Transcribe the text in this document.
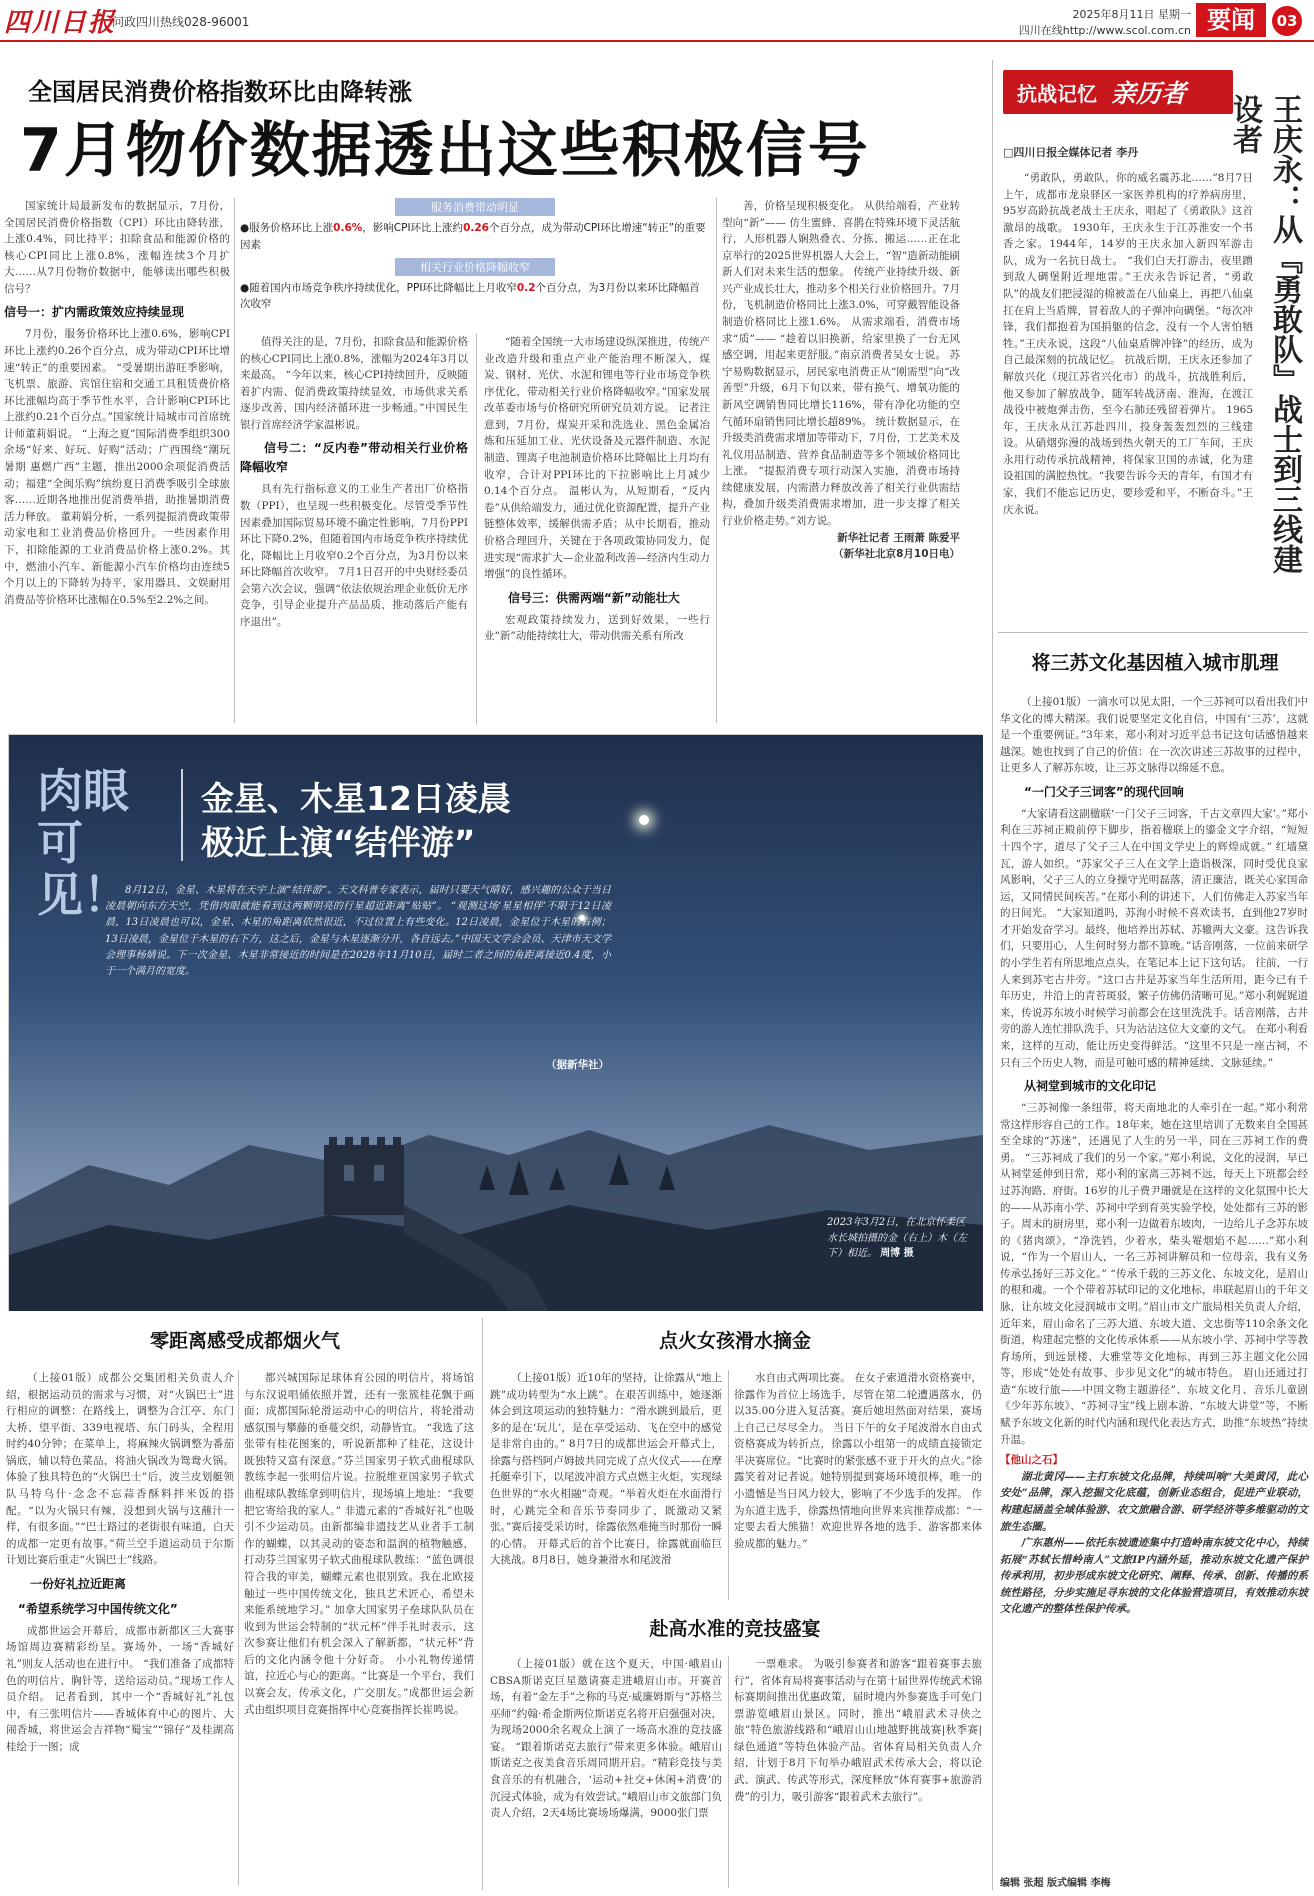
四川日报
问政四川热线028-96001
2025年8月11日 星期一
四川在线http://www.scol.com.cn 要闻	03
全国居民消费价格指数环比由降转涨
7月物价数据透出这些积极信号

国家统计局最新发布的数据显示，7月份，全国居民消费价格指数（CPI）环比由降转涨，上涨0.4%，同比持平；扣除食品和能源价格的核心CPI同比上涨0.8%，涨幅连续3个月扩大……从7月份物价数据中，能够读出哪些积极信号？

信号一：扩内需政策效应持续显现

7月份，服务价格环比上涨0.6%，影响CPI环比上涨约0.26个百分点，成为带动CPI环比增速“转正”的重要因素。 “受暑期出游旺季影响，飞机票、旅游、宾馆住宿和交通工具租赁费价格环比涨幅均高于季节性水平，合计影响CPI环比上涨约0.21个百分点。”国家统计局城市司首席统计师董莉娟说。 “上海之夏”国际消费季组织300余场“好来、好玩、好购”活动；广西围绕“潮玩暑期 惠燃广西”主题，推出2000余项促消费活动；福建“全闽乐购”缤纷夏日消费季吸引全球旅客……近期各地推出促消费举措，助推暑期消费活力释放。 董莉娟分析，一系列提振消费政策带动家电和工业消费品价格回升。一些因素作用下，扣除能源的工业消费品价格上涨0.2%。其中，燃油小汽车、新能源小汽车价格均由连续5个月以上的下降转为持平，家用器具、文娱耐用消费品等价格环比涨幅在0.5%至2.2%之间。

服务消费带动明显
●服务价格环比上涨0.6%，影响CPI环比上涨约0.26个百分点，成为带动CPI环比增速“转正”的重要因素
相关行业价格降幅收窄
●随着国内市场竞争秩序持续优化，PPI环比降幅比上月收窄0.2个百分点，为3月份以来环比降幅首次收窄

值得关注的是，7月份，扣除食品和能源价格的核心CPI同比上涨0.8%，涨幅为2024年3月以来最高。 “今年以来，核心CPI持续回升，反映随着扩内需、促消费政策持续显效，市场供求关系逐步改善，国内经济循环进一步畅通。”中国民生银行首席经济学家温彬说。

信号二：“反内卷”带动相关行业价格降幅收窄

具有先行指标意义的工业生产者出厂价格指数（PPI），也呈现一些积极变化。尽管受季节性因素叠加国际贸易环境不确定性影响，7月份PPI环比下降0.2%，但随着国内市场竞争秩序持续优化，降幅比上月收窄0.2个百分点，为3月份以来环比降幅首次收窄。 7月1日召开的中央财经委员会第六次会议，强调“依法依规治理企业低价无序竞争，引导企业提升产品品质，推动落后产能有序退出”。

“随着全国统一大市场建设纵深推进，传统产业改造升级和重点产业产能治理不断深入，煤炭、钢材、光伏、水泥和锂电等行业市场竞争秩序优化，带动相关行业价格降幅收窄。”国家发展改革委市场与价格研究所研究员刘方说。 记者注意到，7月份，煤炭开采和洗选业、黑色金属冶炼和压延加工业、光伏设备及元器件制造、水泥制造、锂离子电池制造价格环比降幅比上月均有收窄，合计对PPI环比的下拉影响比上月减少0.14个百分点。 温彬认为，从短期看，“反内卷”从供给端发力，通过优化资源配置，提升产业链整体效率，缓解供需矛盾；从中长期看，推动价格合理回升，关键在于各项政策协同发力，促进实现“需求扩大—企业盈利改善—经济内生动力增强”的良性循环。

信号三：供需两端“新”动能壮大

宏观政策持续发力，送到好效果，一些行业“新”动能持续壮大，带动供需关系有所改

善，价格呈现积极变化。 从供给端看，产业转型向“新”—— 仿生蜜蜂、喜鹊在特殊环境下灵活航行，人形机器人娴熟叠衣、分拣、搬运……正在北京举行的2025世界机器人大会上，“智”造新动能刷新人们对未来生活的想象。 传统产业持续升级、新兴产业成长壮大，推动多个相关行业价格回升。7月份，飞机制造价格同比上涨3.0%，可穿戴智能设备制造价格同比上涨1.6%。 从需求端看，消费市场求“质”—— “趁着以旧换新，给家里换了一台无风感空调，用起来更舒服。”南京消费者吴女士说。 苏宁易购数据显示，居民家电消费正从“刚需型”向“改善型”升级，6月下旬以来，带有换气、增氧功能的新风空调销售同比增长116%，带有净化功能的空气循环扇销售同比增长超89%。 统计数据显示，在升级类消费需求增加等带动下，7月份，工艺美术及礼仪用品制造、营养食品制造等多个领域价格同比上涨。 “提振消费专项行动深入实施，消费市场持续健康发展，内需潜力释放改善了相关行业供需结构，叠加升级类消费需求增加，进一步支撑了相关行业价格走势。”刘方说。

新华社记者 王雨萧 陈爱平
（新华社北京8月10日电）
抗战记忆 亲历者
王庆永：从『勇敢队』战士到三线建设者
□四川日报全媒体记者 李丹

“勇敢队，勇敢队，你的威名震苏北……”8月7日上午，成都市龙泉驿区一家医养机构的疗养病房里，95岁高龄抗战老战士王庆永，唱起了《勇敢队》这首激昂的战歌。 1930年，王庆永生于江苏淮安一个书香之家。1944年，14岁的王庆永加入新四军游击队，成为一名抗日战士。 “我们白天打游击，夜里蹭到敌人碉堡附近埋地雷。”王庆永告诉记者，“勇敢队”的战友们把浸湿的棉被盖在八仙桌上，再把八仙桌扛在肩上当盾牌，冒着敌人的子弹冲向碉堡。“每次冲锋，我们都抱着为国捐躯的信念，没有一个人害怕牺牲。”王庆永说，这段“八仙桌盾牌冲锋”的经历，成为自己最深刻的抗战记忆。 抗战后期，王庆永还参加了解放兴化（现江苏省兴化市）的战斗，抗战胜利后，他又参加了解放战争，随军转战济南、淮海，在渡江战役中被炮弹击伤，至今右肺还残留着弹片。 1965年，王庆永从江苏赴四川，投身轰轰烈烈的三线建设。从硝烟弥漫的战场到热火朝天的工厂车间，王庆永用行动传承抗战精神，将保家卫国的赤诚，化为建设祖国的满腔热忱。“我要告诉今天的青年，有国才有家，我们不能忘记历史，要珍爱和平，不断奋斗。”王庆永说。

将三苏文化基因植入城市肌理

（上接01版）一滴水可以见太阳，一个三苏祠可以看出我们中华文化的博大精深。我们说要坚定文化自信，中国有‘三苏’，这就是一个重要例证。”3年来，郑小利对习近平总书记这句话感悟越来越深。她也找到了自己的价值：在一次次讲述三苏故事的过程中，让更多人了解苏东坡，让三苏文脉得以绵延不息。

“一门父子三词客”的现代回响

“大家请看这副楹联‘一门父子三词客，千古文章四大家’。”郑小利在三苏祠正殿前停下脚步，指着楹联上的鎏金文字介绍，“短短十四个字，道尽了父子三人在中国文学史上的辉煌成就。” 红墙黛瓦，游人如织。“苏家父子三人在文学上造诣极深，同时受优良家风影响，父子三人的立身操守光明磊落，清正廉洁，既关心家国命运，又同情民间疾苦。”在郑小利的讲述下，人们仿佛走入苏家当年的日间光。 “大家知道吗，苏洵小时候不喜欢读书，直到他27岁时才开始发奋学习。最终，他培养出苏轼、苏辙两大文豪。这告诉我们，只要用心，人生何时努力都不算晚。”话音刚落，一位前来研学的小学生若有所思地点点头，在笔记本上记下这句话。 往前，一行人来到苏宅古井旁。“这口古井是苏家当年生活所用，距今已有千年历史，井沿上的青苔斑驳，繁子仿佛仍清晰可见。”郑小利娓娓道来，传说苏东坡小时候学习前都会在这里洗洗手。话音刚落，古井旁的游人连忙排队洗手，只为沾沾这位大文豪的文气。 在郑小利看来，这样的互动，能让历史变得鲜活。“这里不只是一座古祠，不只有三个历史人物，而是可触可感的精神延续、文脉延续。”

从祠堂到城市的文化印记

“三苏祠像一条纽带，将天南地北的人牵引在一起。”郑小利常常这样形容自己的工作。18年来，她在这里培训了无数来自全国甚至全球的“苏迷”，还遇见了人生的另一半，同在三苏祠工作的费勇。 “三苏祠成了我们的另一个家。”郑小利说，文化的浸润，早已从祠堂延伸到日常，郑小利的家离三苏祠不远，每天上下班都会经过苏洵路、府街。16岁的儿子费尹珊就是在这样的文化氛围中长大的——从苏南小学、苏祠中学到育英实验学校，处处都有三苏的影子。周末的厨房里，郑小利一边做着东坡肉，一边给儿子念苏东坡的《猪肉颂》，“净洗铛，少着水，柴头罨烟焰不起……”郑小利说，“作为一个眉山人，一名三苏祠讲解员和一位母亲，我有义务传承弘扬好三苏文化。” “传承千载的三苏文化、东坡文化，是眉山的根和魂。一个个带着苏轼印记的文化地标，串联起眉山的千年文脉，让东坡文化浸润城市文明。”眉山市文广旅局相关负责人介绍，近年来，眉山命名了三苏大道、东坡大道、文忠街等110余条文化街道，构建起完整的文化传承体系——从东坡小学、苏祠中学等教育场所，到远景楼、大雅堂等文化地标，再到三苏主题文化公园等，形成“处处有故事、步步见文化”的城市特色。 眉山还通过打造“东坡行旅——中国文物主题游径”、东坡文化月、音乐儿童剧《少年苏东坡》、“苏祠寻宝”线上剧本游、“东坡大讲堂”等，不断赋予东坡文化新的时代内涵和现代化表达方式，助推“东坡热”持续升温。

【他山之石】

湖北黄冈——主打东坡文化品牌，持续叫响“大美黄冈，此心安处”品牌，深入挖掘文化底蕴，创新业态组合，促进产业联动，构建起涵盖全域体验游、农文旅融合游、研学经济等多维驱动的文旅生态圈。

广东惠州——依托东坡遗迹集中打造岭南东坡文化中心，持续拓展“苏轼长惜岭南人”文旅IP内涵外延，推动东坡文化遗产保护传承利用，初步形成东坡文化研究、阐释、传承、创新、传播的系统性路径，分步实施足寻东坡的文化体验营造项目，有效推动东坡文化遗产的整体性保护传承。

编辑 张超 版式编辑 李梅
肉眼可见！
金星、木星12日凌晨
极近上演“结伴游”

8月12日，金星、木星将在天宇上演“结伴游”。天文科普专家表示，届时只要天气晴好，感兴趣的公众于当日凌晨朝向东方天空，凭借肉眼就能看到这两颗明亮的行星超近距离“贴贴”。 “观测这场‘星星相伴’不限于12日凌晨，13日凌晨也可以，金星、木星的角距离依然很近，不过位置上有些变化。12日凌晨，金星位于木星的右侧；13日凌晨，金星位于木星的右下方，这之后，金星与木星逐渐分开，各自远去。”中国天文学会会员、天津市天文学会理事杨婧说。下一次金星、木星非常接近的时间是在2028年11月10日，届时二者之间的角距离接近0.4度，小于一个满月的宽度。

（据新华社）
2023年3月2日，在北京怀柔区水长城拍摄的金（右上）木（左下）相近。 周博 摄
零距离感受成都烟火气

（上接01版）成都公交集团相关负责人介绍，根据运动员的需求与习惯，对“火锅巴士”进行相应的调整：在路线上，调整为合江亭、东门大桥、望平街、339电视塔、东门码头，全程用时约40分钟；在菜单上，将麻辣火锅调整为番茄锅底，辅以特色菜品，将油火锅改为鸳鸯火锅。 体验了独具特色的“火锅巴士”后，波兰皮划艇领队马特乌什·念念不忘蒜香酥料拌米饭的搭配。“以为火锅只有辣，没想到火锅与这蘸汁一样，有很多面。”“巴士路过的老街很有味道，白天的成都一定更有故事。”荷兰空手道运动员于尔斯计划比赛后重走“火锅巴士”线路。

一份好礼拉近距离
“希望系统学习中国传统文化”

成都世运会开幕后，成都市新都区三大赛事场馆周边赛精彩纷呈。赛场外，一场“香城好礼”则友人活动也在进行中。 “我们准备了成都特色的明信片、胸针等，送给运动员。”现场工作人员介绍。 记者看到，其中一个“香城好礼”礼包中，有三张明信片——香城体育中心的图片、大闹香城，将世运会吉祥物“蜀宝”“锦仔”及桂湖高桂绘于一图；成

都兴城国际足球体育公园的明信片，将场馆与东汉说唱俑依照并置，还有一张簇桂花飘于画面；成都国际轮滑运动中心的明信片，将轮滑动感氛围与攀藤的垂蔓交织，动静皆宜。 “我选了这张带有桂花图案的，听说新都种了桂花，这设计既独特又富有深意。”芬兰国家男子软式曲棍球队教练李起一张明信片说。拉脱维亚国家男子软式曲棍球队教练拿到明信片，现场填上地址：“我要把它寄给我的家人。” 非遗元素的“香城好礼”也吸引不少运动员。由新都编非遗技艺从业者手工制作的蝴蝶，以其灵动的姿态和温润的植物触感，打动芬兰国家男子软式曲棍球队教练：“蓝色调很符合我的审美，蝴蝶元素也很别致。我在北欧接触过一些中国传统文化，独具艺术匠心，希望未来能系统地学习。” 加拿大国家男子垒球队队员在收到为世运会特制的“状元杯”伴手礼时表示，这次参赛让他们有机会深入了解新都，“状元杯”背后的文化内涵令他十分好奇。 小小礼物传递情谊，拉近心与心的距离。“比赛是一个平台，我们以赛会友，传承文化，广交朋友。”成都世运会新式由组织项目竞赛指挥中心竞赛指挥长崔鸣说。

点火女孩滑水摘金

（上接01版）近10年的坚持，让徐露从“地上跳”成功转型为“水上跳”。在艰苦训练中，她逐渐体会到这项运动的独特魅力：“滑水跳到最后，更多的是在‘玩儿’，是在享受运动、飞在空中的感觉是非常自由的。” 8月7日的成都世运会开幕式上，徐露与搭档阿卢姆披共同完成了点火仪式——在摩托艇牵引下，以尾波冲浪方式点燃主火炬，实现绿色世界的“水火相融”奇观。“举着火炬在水面滑行时，心跳完全和音乐节奏同步了，既激动又紧张。”赛后接受采访时，徐露依然难掩当时那份一瞬的心情。 开幕式后的首个比赛日，徐露就面临巨大挑战。8月8日，她身兼滑水和尾波滑

水自由式两项比赛。 在女子索道滑水资格赛中，徐露作为首位上场选手，尽管在第二轮遭遇落水，仍以35.00分进入复活赛。赛后她坦然面对结果，赛场上自己已尽尽全力。 当日下午的女子尾波滑水自由式资格赛成为转折点，徐露以小组第一的成绩直接锁定半决赛席位。“比赛时的紧张感不亚于开火的点火。”徐露笑着对记者说。她特别提到赛场环境很棒，唯一的小遗憾是当日风力较大，影响了不少选手的发挥。 作为东道主选手，徐露热情地向世界来宾推荐成都：“一定要去看大熊猫！欢迎世界各地的选手、游客都来体验成都的魅力。”

赴高水准的竞技盛宴

（上接01版）就在这个夏天，中国·峨眉山CBSA斯诺克巨星邀请赛走进峨眉山市。开赛首场，有着“金左手”之称的马克·威廉姆斯与“苏格兰巫师”约翰·希金斯两位斯诺克名将开启强强对决，为现场2000余名观众上演了一场高水准的竞技盛宴。 “跟着斯诺克去旅行”带来更多体验。峨眉山斯诺克之夜美食音乐周同期开启。“精彩竞技与美食音乐的有机融合，‘运动+社交+休闲+消费’的沉浸式体验，成为有效尝试。”峨眉山市文旅部门负责人介绍，2天4场比赛场场爆满，9000张门票

一票难求。 为吸引参赛者和游客“跟着赛事去旅行”，省体育局将赛事活动与在第十届世界传统武术锦标赛期间推出优惠政策，届时境内外参赛选手可免门票游览峨眉山景区。同时，推出“峨眉武术寻侠之旅”特色旅游线路和“峨眉山山地越野挑战赛|秋季赛|绿色通道”等特色体验产品。省体育局相关负责人介绍，计划于8月下旬举办峨眉武术传承大会，将以论武、演武、传武等形式，深度释放“体育赛事+旅游消费”的引力，吸引游客“跟着武术去旅行”。
